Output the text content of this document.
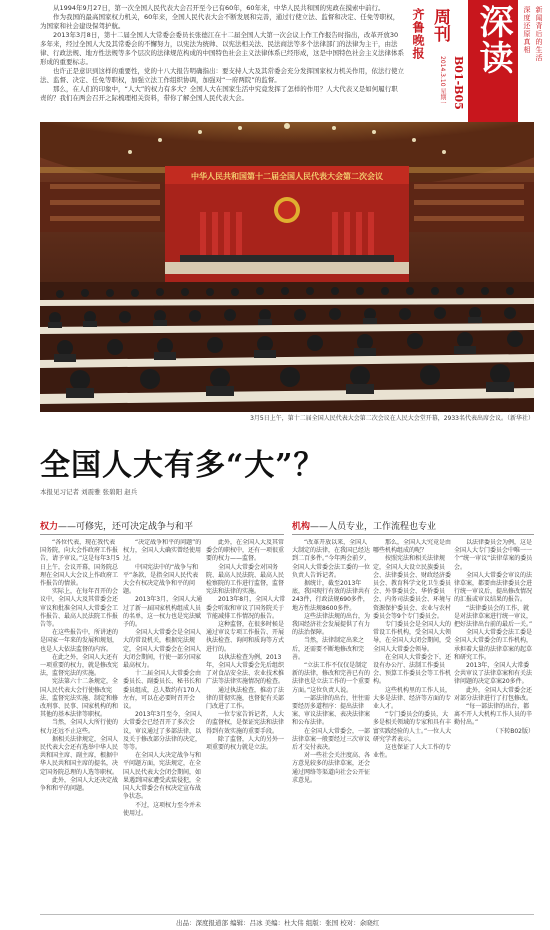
从1994年9月27日，第一次全国人民代表大会召开至今已有60年，60年来，中华人民共和国的宪政在摸索中前行。

作为我国的最高国家权力机关，60年来，全国人民代表大会不断发展和完善，通过行使立法、监督和决定、任免等职权，为国家和社会建设保驾护航。

2013年3月8日，第十二届全国人大常委会委员长张德江在十二届全国人大第一次会议上作工作报告时指出，改革开放30多年来，经过全国人大及其常委会的不懈努力，以宪法为统帅、以宪法相关法、民法商法等多个法律部门的法律为主干，由法律、行政法规、地方性法规等多个层次的法律规范构成的中国特色社会主义法律体系已经形成，这是中国特色社会主义法律体系形成的重要标志。

也许正是意识到这样的重要性，党的十八大报告明确指出：要支持人大及其常委会充分发挥国家权力机关作用，依法行使立法、监督、决定、任免等职权，加强立法工作组织协调，加强对“一府两院”的监督。

那么，在人们的印象中，“人大”的权力有多大？全国人大在国家生活中究竟发挥了怎样的作用？人大代表又是如何履行职责的？我们在两会召开之际梳理相关资料，带你了解全国人民代表大会。

齐鲁晚报 周刊
2014.3.10 星期一 B01-B05
深读 深度还原真相 新闻背后的生活
中华人民共和国第十二届全国人民代表大会第二次会议
3月5日上午，第十二届全国人民代表大会第二次会议在人民大会堂开幕，2933名代表出席会议。（新华社）
全国人大有多“大”？
本报见习记者 刘震雅 张碧阳 赵兵
权力——可修宪，还可决定战争与和平	机构——人员专业，工作流程也专业

“各位代表，现在我代表国务院，向大会作政府工作报告，请予审议。”这是每年3月5日上午，会议开幕，国务院总理在全国人大会议上作政府工作报告的情景。

实际上，在每年召开的会议中，全国人大及其常委会还审议和批准全国人大常委会工作报告、最高人民法院工作报告等。

在这些报告中，所讲述的是国家一年来的发展和规划，也是人大依法监督的内容。

在此之外，全国人大还有一项重要的权力，就是修改宪法，监督宪法的实施。

宪法第六十二条规定，全国人民代表大会行使修改宪法、监督宪法实施、制定和修改刑事、民事、国家机构的和其他的基本法律等职权。

当然，全国人大所行使的权力还远不止这些。

据相关法律规定，全国人民代表大会还有选举中华人民共和国主席、副主席，根据中华人民共和国主席的提名，决定国务院总理的人选等职权。

此外，全国人大还决定战争和和平的问题。

“决定战争和平的问题”的权力，全国人大确实曾经使用过。

中国宪法中的“战争与和平”条款，是指全国人民代表大会有权决定战争和平的问题。

2013年3月，全国人大通过了新一届国家机构组成人员的名单，这一权力也是宪法赋予的。

全国人大常委会是全国人大的常设机关，根据宪法规定，全国人大常委会在全国人大闭会期间，行使一部分国家最高权力。

十二届全国人大常委会由委员长、副委员长、秘书长和委员组成，总人数约有170人左右，可以在必要时召开会议。

2013年3月至今，全国人大常委会已经召开了多次会议，审议通过了多部法律，以及关于修改部分法律的决定，等等。

在全国人大决定战争与和平问题方面，宪法规定，在全国人民代表大会闭会期间，如果遇到国家遭受武装侵犯，全国人大常委会有权决定宣布战争状态。

不过，这项权力至今并未使用过。

此外，在全国人大及其常委会的职权中，还有一项很重要的权力——监督。

全国人大常委会对国务院、最高人民法院、最高人民检察院的工作进行监督，监督宪法和法律的实施。

2013年8月，全国人大常委会听取和审议了国务院关于节能减排工作情况的报告。

这种监督，在很多时候是通过审议专项工作报告、开展执法检查、询问和质询等方式进行的。

以执法检查为例，2013年，全国人大常委会先后组织了对食品安全法、农业技术推广法等法律实施情况的检查。

通过执法检查，推动了法律的贯彻实施，也督促有关部门改进了工作。

一位专家告诉记者，人大的监督权，是保证宪法和法律得到有效实施的重要手段。

除了监督，人大的另外一项重要的权力就是立法。

“改革开放以来，全国人大制定的法律，在我国已经达到二百多件。”今年两会前夕，全国人大常委会法工委的一位负责人告诉记者。

据统计，截至2013年底，我国现行有效的法律共有243件，行政法规690多件，地方性法规8600多件。

这些法律法规的出台，为我国经济社会发展提供了有力的法治保障。

当然，法律制定出来之后，还需要不断地修改和完善。

“立法工作不仅仅是制定新的法律，修改和完善已有的法律也是立法工作的一个重要方面。”这位负责人说。

一部法律的出台，往往需要经历多道程序：提出法律案、审议法律案、表决法律案和公布法律。

在全国人大常委会，一部法律草案一般要经过三次审议后才交付表决。

对一些社会关注度高、各方意见较多的法律草案，还会通过网络等渠道向社会公开征求意见。

那么，全国人大究竟是由哪些机构组成的呢？

按照宪法和相关法律规定，全国人大设立民族委员会、法律委员会、财政经济委员会、教育科学文化卫生委员会、外事委员会、华侨委员会、内务司法委员会、环境与资源保护委员会、农业与农村委员会等9个专门委员会。

专门委员会是全国人大的常设工作机构，受全国人大领导，在全国人大闭会期间，受全国人大常委会领导。

在全国人大常委会下，还设有办公厅、法制工作委员会、预算工作委员会等工作机构。

这些机构里的工作人员，大多是法律、经济等方面的专业人才。

“专门委员会的委员，大多是相关领域的专家和具有丰富实践经验的人士。”一位人大研究学者表示。

这也保证了人大工作的专业性。

以法律委员会为例，这是全国人大专门委员会中唯一一个“统一审议”法律草案的委员会。

全国人大常委会审议的法律草案，都要由法律委员会进行统一审议后，提出修改情况的汇报或审议结果的报告。

“法律委员会的工作，就是对法律草案进行统一审议，把好法律出台前的最后一关。”

全国人大常委会法工委是全国人大常委会的工作机构，承担着大量的法律草案的起草和研究工作。

2013年，全国人大常委会共审议了法律草案和有关法律问题的决定草案20多件。

此外，全国人大常委会还对部分法律进行了打包修改。

“每一部法律的出台，都离不开人大机构工作人员的辛勤付出。”

（下转B02版）

出品：深度报道部 编辑：吕冰 美编：杜大伟 组版：张国 校对：余晓红
